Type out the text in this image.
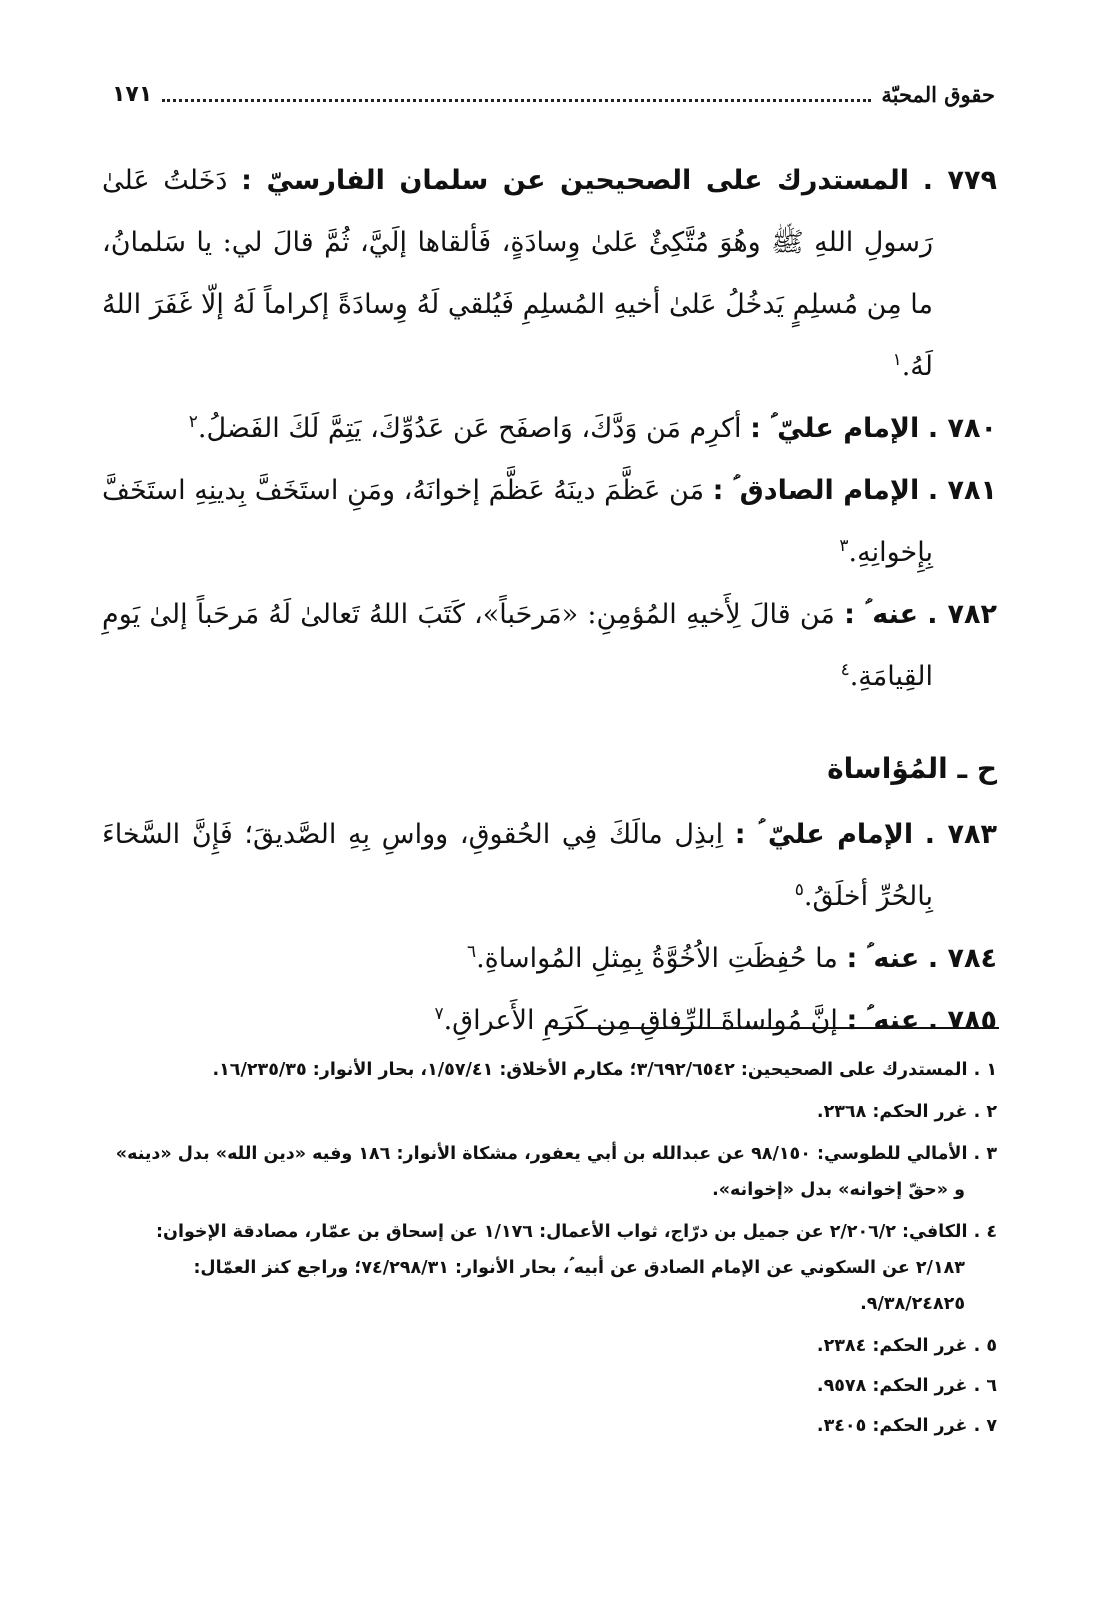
حقوق المحبّة
١٧١

٧٧٩ . المستدرك على الصحيحين عن سلمان الفارسيّ : دَخَلتُ عَلىٰ رَسولِ اللهِ ﷺ وهُوَ مُتَّكِئٌ عَلىٰ وِسادَةٍ، فَألقاها إلَيَّ، ثُمَّ قالَ لي: يا سَلمانُ، ما مِن مُسلِمٍ يَدخُلُ عَلىٰ أخيهِ المُسلِمِ فَيُلقي لَهُ وِسادَةً إكراماً لَهُ إلّا غَفَرَ اللهُ لَهُ.$^١$

٧٨٠ . الإمام عليّ ؑ : أكرِم مَن وَدَّكَ، وَاصفَح عَن عَدُوِّكَ، يَتِمَّ لَكَ الفَضلُ.$^٢$

٧٨١ . الإمام الصادق ؑ : مَن عَظَّمَ دينَهُ عَظَّمَ إخوانَهُ، ومَنِ استَخَفَّ بِدينِهِ استَخَفَّ بِإِخوانِهِ.$^٣$

٧٨٢ . عنه ؑ : مَن قالَ لِأَخيهِ المُؤمِنِ: «مَرحَباً»، كَتَبَ اللهُ تَعالىٰ لَهُ مَرحَباً إلىٰ يَومِ القِيامَةِ.$^٤$

ح ـ المُؤاساة

٧٨٣ . الإمام عليّ ؑ : اِبذِل مالَكَ فِي الحُقوقِ، وواسِ بِهِ الصَّديقَ؛ فَإِنَّ السَّخاءَ بِالحُرِّ أخلَقُ.$^٥$

٧٨٤ . عنه ؑ : ما حُفِظَتِ الاُخُوَّةُ بِمِثلِ المُواساةِ.$^٦$

٧٨٥ . عنه ؑ : إنَّ مُواساةَ الرِّفاقِ مِن كَرَمِ الأَعراقِ.$^٧$

١ . المستدرك على الصحيحين: ٣/٦٩٢/٦٥٤٢؛ مكارم الأخلاق: ١/٥٧/٤١، بحار الأنوار: ١٦/٢٣٥/٣٥.

٢ . غرر الحكم: ٢٣٦٨.

٣ . الأمالي للطوسي: ٩٨/١٥٠ عن عبدالله بن أبي يعفور، مشكاة الأنوار: ١٨٦ وفيه «دين الله» بدل «دينه» و «حقّ إخوانه» بدل «إخوانه».

٤ . الكافي: ٢/٢٠٦/٢ عن جميل بن درّاج، ثواب الأعمال: ١/١٧٦ عن إسحاق بن عمّار، مصادقة الإخوان: ٢/١٨٣ عن السكوني عن الإمام الصادق عن أبيه ؑ، بحار الأنوار: ٧٤/٢٩٨/٣١؛ وراجع كنز العمّال: ٩/٣٨/٢٤٨٢٥.

٥ . غرر الحكم: ٢٣٨٤.

٦ . غرر الحكم: ٩٥٧٨.

٧ . غرر الحكم: ٣٤٠٥.
